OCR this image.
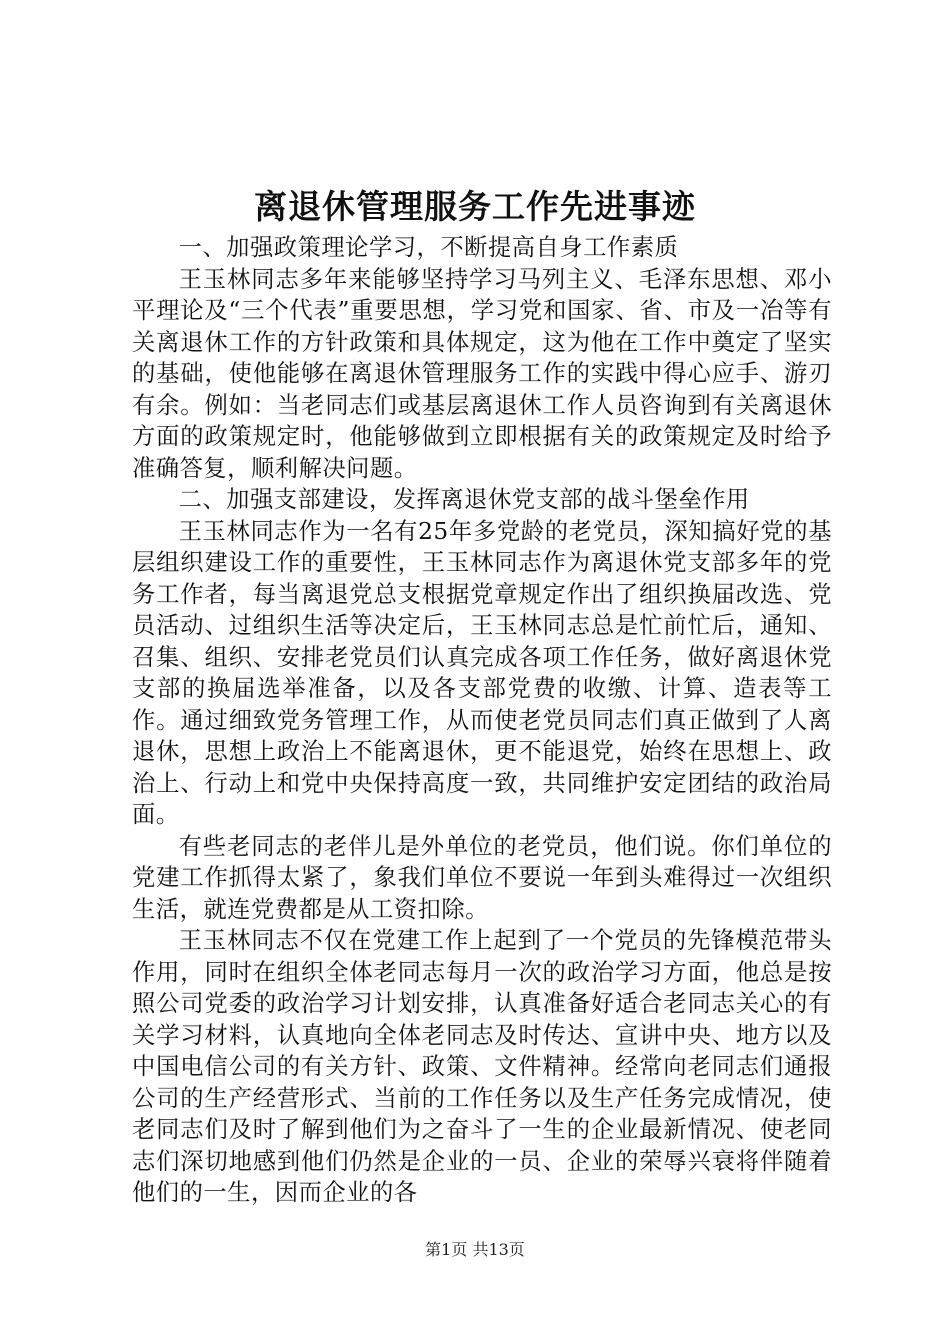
离退休管理服务工作先进事迹

一、加强政策理论学习，不断提高自身工作素质

王玉林同志多年来能够坚持学习马列主义、毛泽东思想、邓小平理论及“三个代表”重要思想，学习党和国家、省、市及一冶等有关离退休工作的方针政策和具体规定，这为他在工作中奠定了坚实的基础，使他能够在离退休管理服务工作的实践中得心应手、游刃有余。例如：当老同志们或基层离退休工作人员咨询到有关离退休方面的政策规定时，他能够做到立即根据有关的政策规定及时给予准确答复，顺利解决问题。

二、加强支部建设，发挥离退休党支部的战斗堡垒作用

王玉林同志作为一名有25年多党龄的老党员，深知搞好党的基层组织建设工作的重要性，王玉林同志作为离退休党支部多年的党务工作者，每当离退党总支根据党章规定作出了组织换届改选、党员活动、过组织生活等决定后，王玉林同志总是忙前忙后，通知、召集、组织、安排老党员们认真完成各项工作任务，做好离退休党支部的换届选举准备，以及各支部党费的收缴、计算、造表等工作。通过细致党务管理工作，从而使老党员同志们真正做到了人离退休，思想上政治上不能离退休，更不能退党，始终在思想上、政治上、行动上和党中央保持高度一致，共同维护安定团结的政治局面。

有些老同志的老伴儿是外单位的老党员，他们说。你们单位的党建工作抓得太紧了，象我们单位不要说一年到头难得过一次组织生活，就连党费都是从工资扣除。

王玉林同志不仅在党建工作上起到了一个党员的先锋模范带头作用，同时在组织全体老同志每月一次的政治学习方面，他总是按照公司党委的政治学习计划安排，认真准备好适合老同志关心的有关学习材料，认真地向全体老同志及时传达、宣讲中央、地方以及中国电信公司的有关方针、政策、文件精神。经常向老同志们通报公司的生产经营形式、当前的工作任务以及生产任务完成情况，使老同志们及时了解到他们为之奋斗了一生的企业最新情况、使老同志们深切地感到他们仍然是企业的一员、企业的荣辱兴衰将伴随着他们的一生，因而企业的各

第1页 共13页
